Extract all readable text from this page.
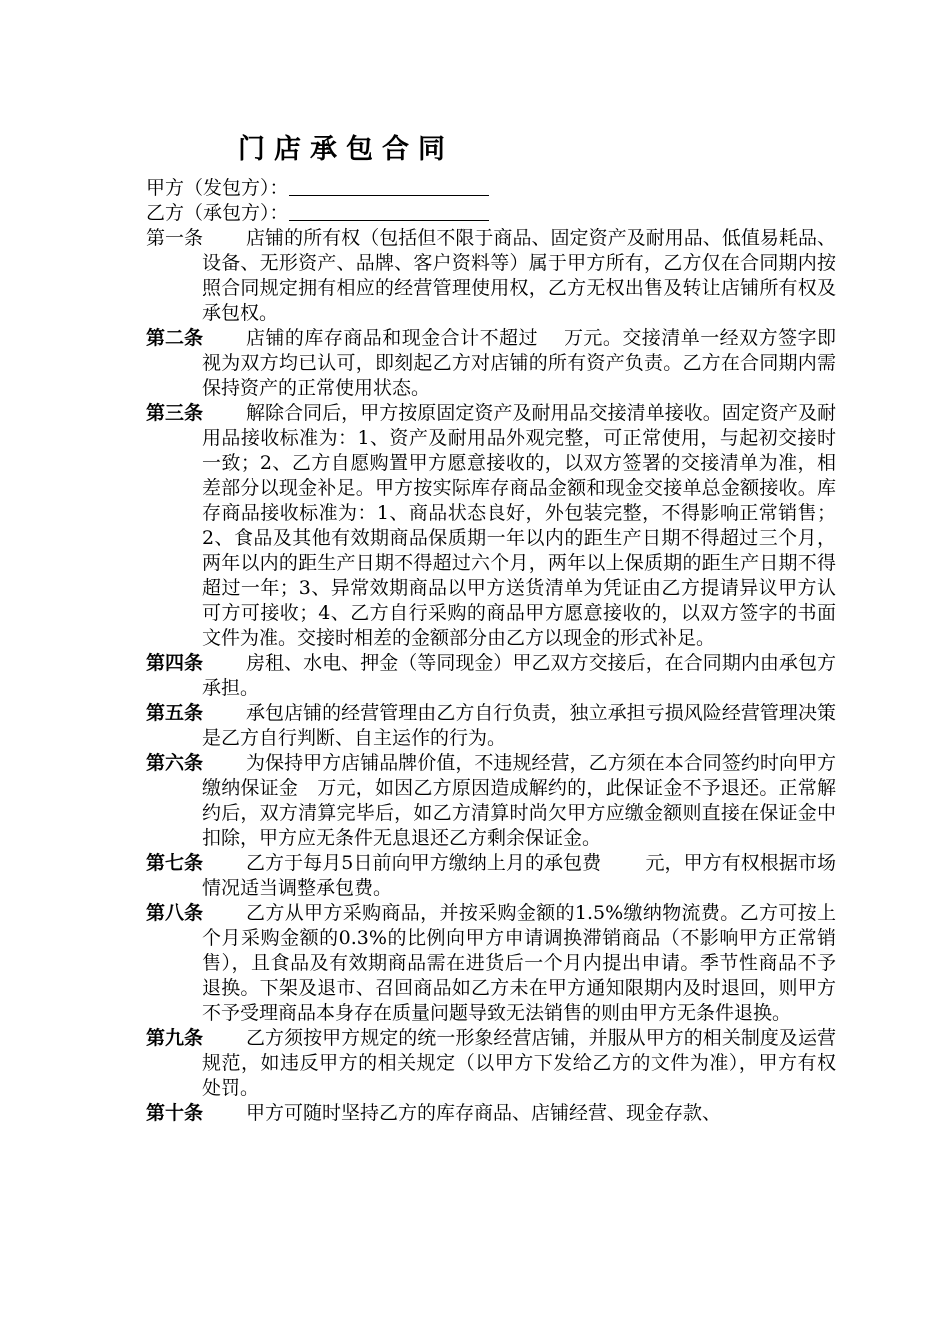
门店承包合同
甲方（发包方）：
乙方（承包方）：

第一条	店铺的所有权（包括但不限于商品、固定资产及耐用品、低值易耗品、设备、无形资产、品牌、客户资料等）属于甲方所有，乙方仅在合同期内按照合同规定拥有相应的经营管理使用权，乙方无权出售及转让店铺所有权及承包权。

第二条	店铺的库存商品和现金合计不超过　 万元。交接清单一经双方签字即视为双方均已认可，即刻起乙方对店铺的所有资产负责。乙方在合同期内需保持资产的正常使用状态。

第三条	解除合同后，甲方按原固定资产及耐用品交接清单接收。固定资产及耐用品接收标准为：1、资产及耐用品外观完整，可正常使用，与起初交接时一致；2、乙方自愿购置甲方愿意接收的，以双方签署的交接清单为准，相差部分以现金补足。甲方按实际库存商品金额和现金交接单总金额接收。库存商品接收标准为：1、商品状态良好，外包装完整，不得影响正常销售；2、食品及其他有效期商品保质期一年以内的距生产日期不得超过三个月，两年以内的距生产日期不得超过六个月，两年以上保质期的距生产日期不得超过一年；3、异常效期商品以甲方送货清单为凭证由乙方提请异议甲方认可方可接收；4、乙方自行采购的商品甲方愿意接收的，以双方签字的书面文件为准。交接时相差的金额部分由乙方以现金的形式补足。

第四条	房租、水电、押金（等同现金）甲乙双方交接后，在合同期内由承包方承担。

第五条	承包店铺的经营管理由乙方自行负责，独立承担亏损风险经营管理决策是乙方自行判断、自主运作的行为。

第六条	为保持甲方店铺品牌价值，不违规经营，乙方须在本合同签约时向甲方缴纳保证金　万元，如因乙方原因造成解约的，此保证金不予退还。正常解约后，双方清算完毕后，如乙方清算时尚欠甲方应缴金额则直接在保证金中扣除，甲方应无条件无息退还乙方剩余保证金。

第七条	乙方于每月5日前向甲方缴纳上月的承包费　　 元，甲方有权根据市场情况适当调整承包费。

第八条	乙方从甲方采购商品，并按采购金额的1.5%缴纳物流费。乙方可按上个月采购金额的0.3%的比例向甲方申请调换滞销商品（不影响甲方正常销售），且食品及有效期商品需在进货后一个月内提出申请。季节性商品不予退换。下架及退市、召回商品如乙方未在甲方通知限期内及时退回，则甲方不予受理商品本身存在质量问题导致无法销售的则由甲方无条件退换。

第九条	乙方须按甲方规定的统一形象经营店铺，并服从甲方的相关制度及运营规范，如违反甲方的相关规定（以甲方下发给乙方的文件为准），甲方有权处罚。

第十条	甲方可随时坚持乙方的库存商品、店铺经营、现金存款、
